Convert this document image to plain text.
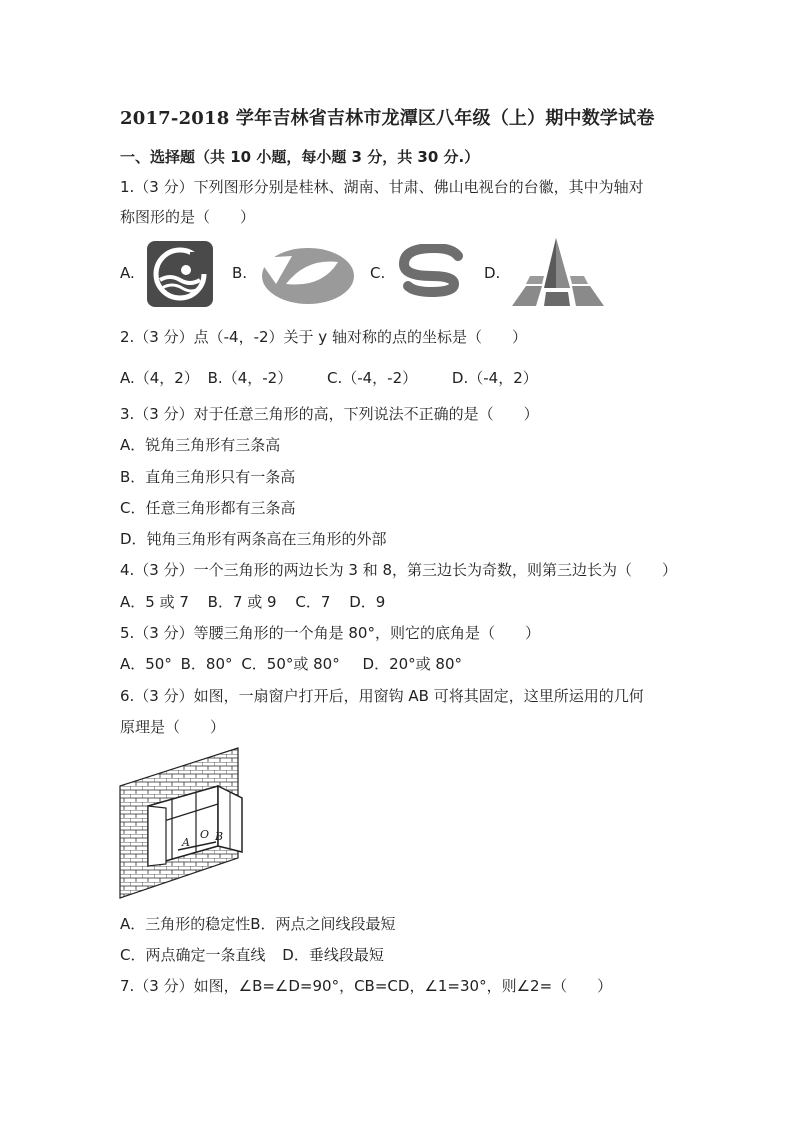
2017-2018 学年吉林省吉林市龙潭区八年级（上）期中数学试卷
一、选择题（共 10 小题，每小题 3 分，共 30 分.）
1.（3 分）下列图形分别是桂林、湖南、甘肃、佛山电视台的台徽，其中为轴对
称图形的是（　　）
A.	B.	C.	D.
2.（3 分）点（-4，-2）关于 y 轴对称的点的坐标是（　　）
A.（4，2） B.（4，-2） C.（-4，-2） D.（-4，2）
3.（3 分）对于任意三角形的高，下列说法不正确的是（　　）
A．锐角三角形有三条高
B．直角三角形只有一条高
C．任意三角形都有三条高
D．钝角三角形有两条高在三角形的外部
4.（3 分）一个三角形的两边长为 3 和 8，第三边长为奇数，则第三边长为（　　）
A．5 或 7 B．7 或 9 C．7 D．9
5.（3 分）等腰三角形的一个角是 80°，则它的底角是（　　）
A．50° B．80° C．50°或 80° D．20°或 80°
6.（3 分）如图，一扇窗户打开后，用窗钩 AB 可将其固定，这里所运用的几何
原理是（　　）
A
O B
A．三角形的稳定性B．两点之间线段最短
C．两点确定一条直线 D．垂线段最短
7.（3 分）如图，∠B=∠D=90°，CB=CD，∠1=30°，则∠2=（　　）
